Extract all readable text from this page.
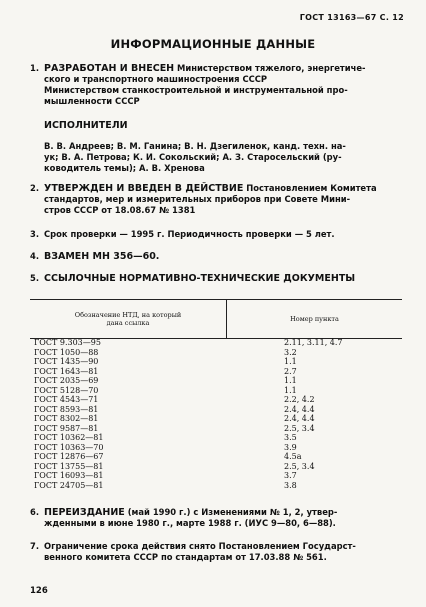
ГОСТ 13163—67 С. 12
ИНФОРМАЦИОННЫЕ ДАННЫЕ
1. РАЗРАБОТАН И ВНЕСЕН Министерством тяжелого, энергетиче-
ского и транспортного машиностроения СССР
Министерством станкостроительной и инструментальной про-
мышленности СССР
ИСПОЛНИТЕЛИ
В. В. Андреев; В. М. Ганина; В. Н. Дзегиленок, канд. техн. на-
ук; В. А. Петрова; К. И. Сокольский; А. З. Старосельский (ру-
ководитель темы); А. В. Хренова
2. УТВЕРЖДЕН И ВВЕДЕН В ДЕЙСТВИЕ Постановлением Комитета
стандартов, мер и измерительных приборов при Совете Мини-
стров СССР от 18.08.67 № 1381
3. Срок проверки — 1995 г. Периодичность проверки — 5 лет.
4. ВЗАМЕН МН 356—60.
5. ССЫЛОЧНЫЕ НОРМАТИВНО-ТЕХНИЧЕСКИЕ ДОКУМЕНТЫ
Обозначение НТД, на который дана ссылка	Номер пункта
ГОСТ 9.303—95	2.11, 3.11, 4.7
ГОСТ 1050—88	3.2
ГОСТ 1435—90	1.1
ГОСТ 1643—81	2.7
ГОСТ 2035—69	1.1
ГОСТ 5128—70	1.1
ГОСТ 4543—71	2.2, 4.2
ГОСТ 8593—81	2.4, 4.4
ГОСТ 8302—81	2.4, 4.4
ГОСТ 9587—81	2.5, 3.4
ГОСТ 10362—81	3.5
ГОСТ 10363—70	3.9
ГОСТ 12876—67	4.5а
ГОСТ 13755—81	2.5, 3.4
ГОСТ 16093—81	3.7
ГОСТ 24705—81	3.8
6. ПЕРЕИЗДАНИЕ (май 1990 г.) с Изменениями № 1, 2, утвер-
жденными в июне 1980 г., марте 1988 г. (ИУС 9—80, 6—88).
7. Ограничение срока действия снято Постановлением Государст-
венного комитета СССР по стандартам от 17.03.88 № 561.
126
